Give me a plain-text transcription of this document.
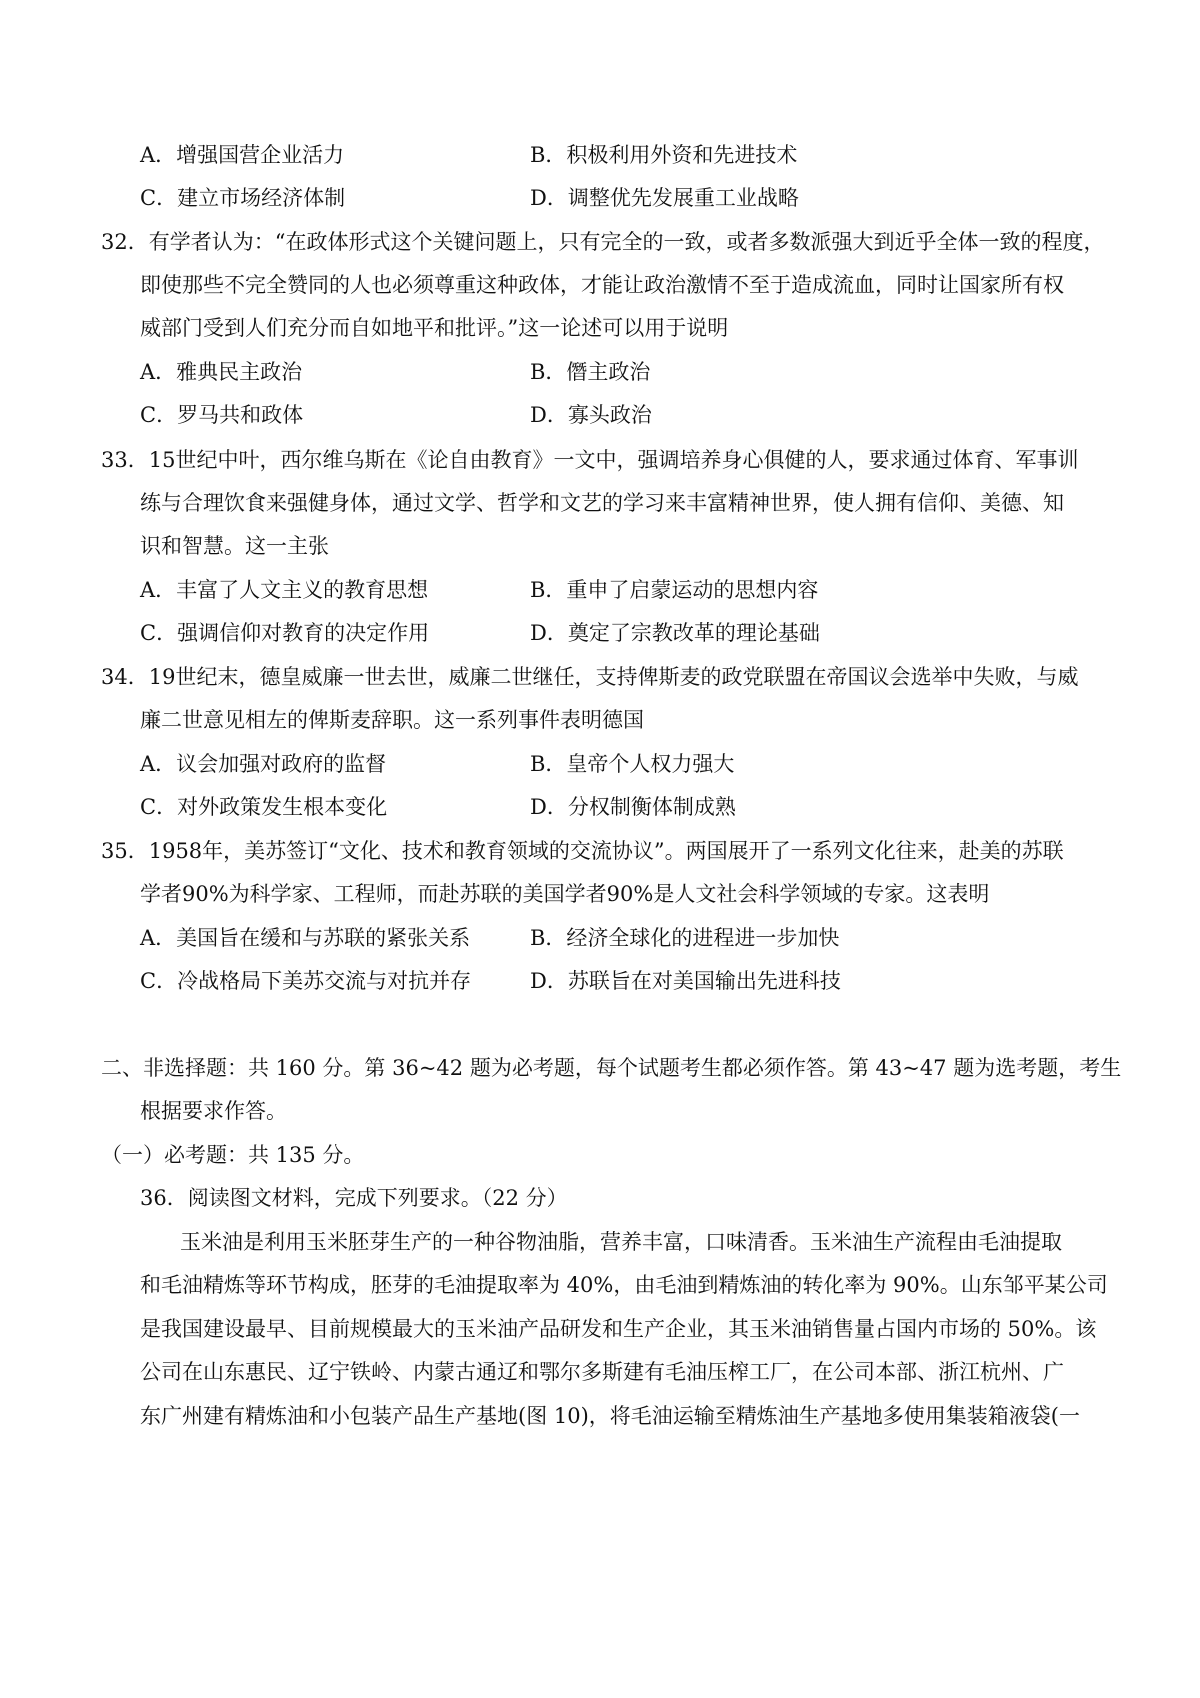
A．增强国营企业活力	B．积极利用外资和先进技术
C．建立市场经济体制	D．调整优先发展重工业战略
32．有学者认为：“在政体形式这个关键问题上，只有完全的一致，或者多数派强大到近乎全体一致的程度，
即使那些不完全赞同的人也必须尊重这种政体，才能让政治激情不至于造成流血，同时让国家所有权
威部门受到人们充分而自如地平和批评。”这一论述可以用于说明
A．雅典民主政治	B．僭主政治
C．罗马共和政体	D．寡头政治
33．15世纪中叶，西尔维乌斯在《论自由教育》一文中，强调培养身心俱健的人，要求通过体育、军事训
练与合理饮食来强健身体，通过文学、哲学和文艺的学习来丰富精神世界，使人拥有信仰、美德、知
识和智慧。这一主张
A．丰富了人文主义的教育思想	B．重申了启蒙运动的思想内容
C．强调信仰对教育的决定作用	D．奠定了宗教改革的理论基础
34．19世纪末，德皇威廉一世去世，威廉二世继任，支持俾斯麦的政党联盟在帝国议会选举中失败，与威
廉二世意见相左的俾斯麦辞职。这一系列事件表明德国
A．议会加强对政府的监督	B．皇帝个人权力强大
C．对外政策发生根本变化	D．分权制衡体制成熟
35．1958年，美苏签订“文化、技术和教育领域的交流协议”。两国展开了一系列文化往来，赴美的苏联
学者90%为科学家、工程师，而赴苏联的美国学者90%是人文社会科学领域的专家。这表明
A．美国旨在缓和与苏联的紧张关系	B．经济全球化的进程进一步加快
C．冷战格局下美苏交流与对抗并存	D．苏联旨在对美国输出先进科技
二、非选择题：共 160 分。第 36~42 题为必考题，每个试题考生都必须作答。第 43~47 题为选考题，考生
根据要求作答。
（一）必考题：共 135 分。
36．阅读图文材料，完成下列要求。（22 分）
玉米油是利用玉米胚芽生产的一种谷物油脂，营养丰富，口味清香。玉米油生产流程由毛油提取
和毛油精炼等环节构成，胚芽的毛油提取率为 40%，由毛油到精炼油的转化率为 90%。山东邹平某公司
是我国建设最早、目前规模最大的玉米油产品研发和生产企业，其玉米油销售量占国内市场的 50%。该
公司在山东惠民、辽宁铁岭、内蒙古通辽和鄂尔多斯建有毛油压榨工厂，在公司本部、浙江杭州、广
东广州建有精炼油和小包装产品生产基地(图 10)，将毛油运输至精炼油生产基地多使用集装箱液袋(一
